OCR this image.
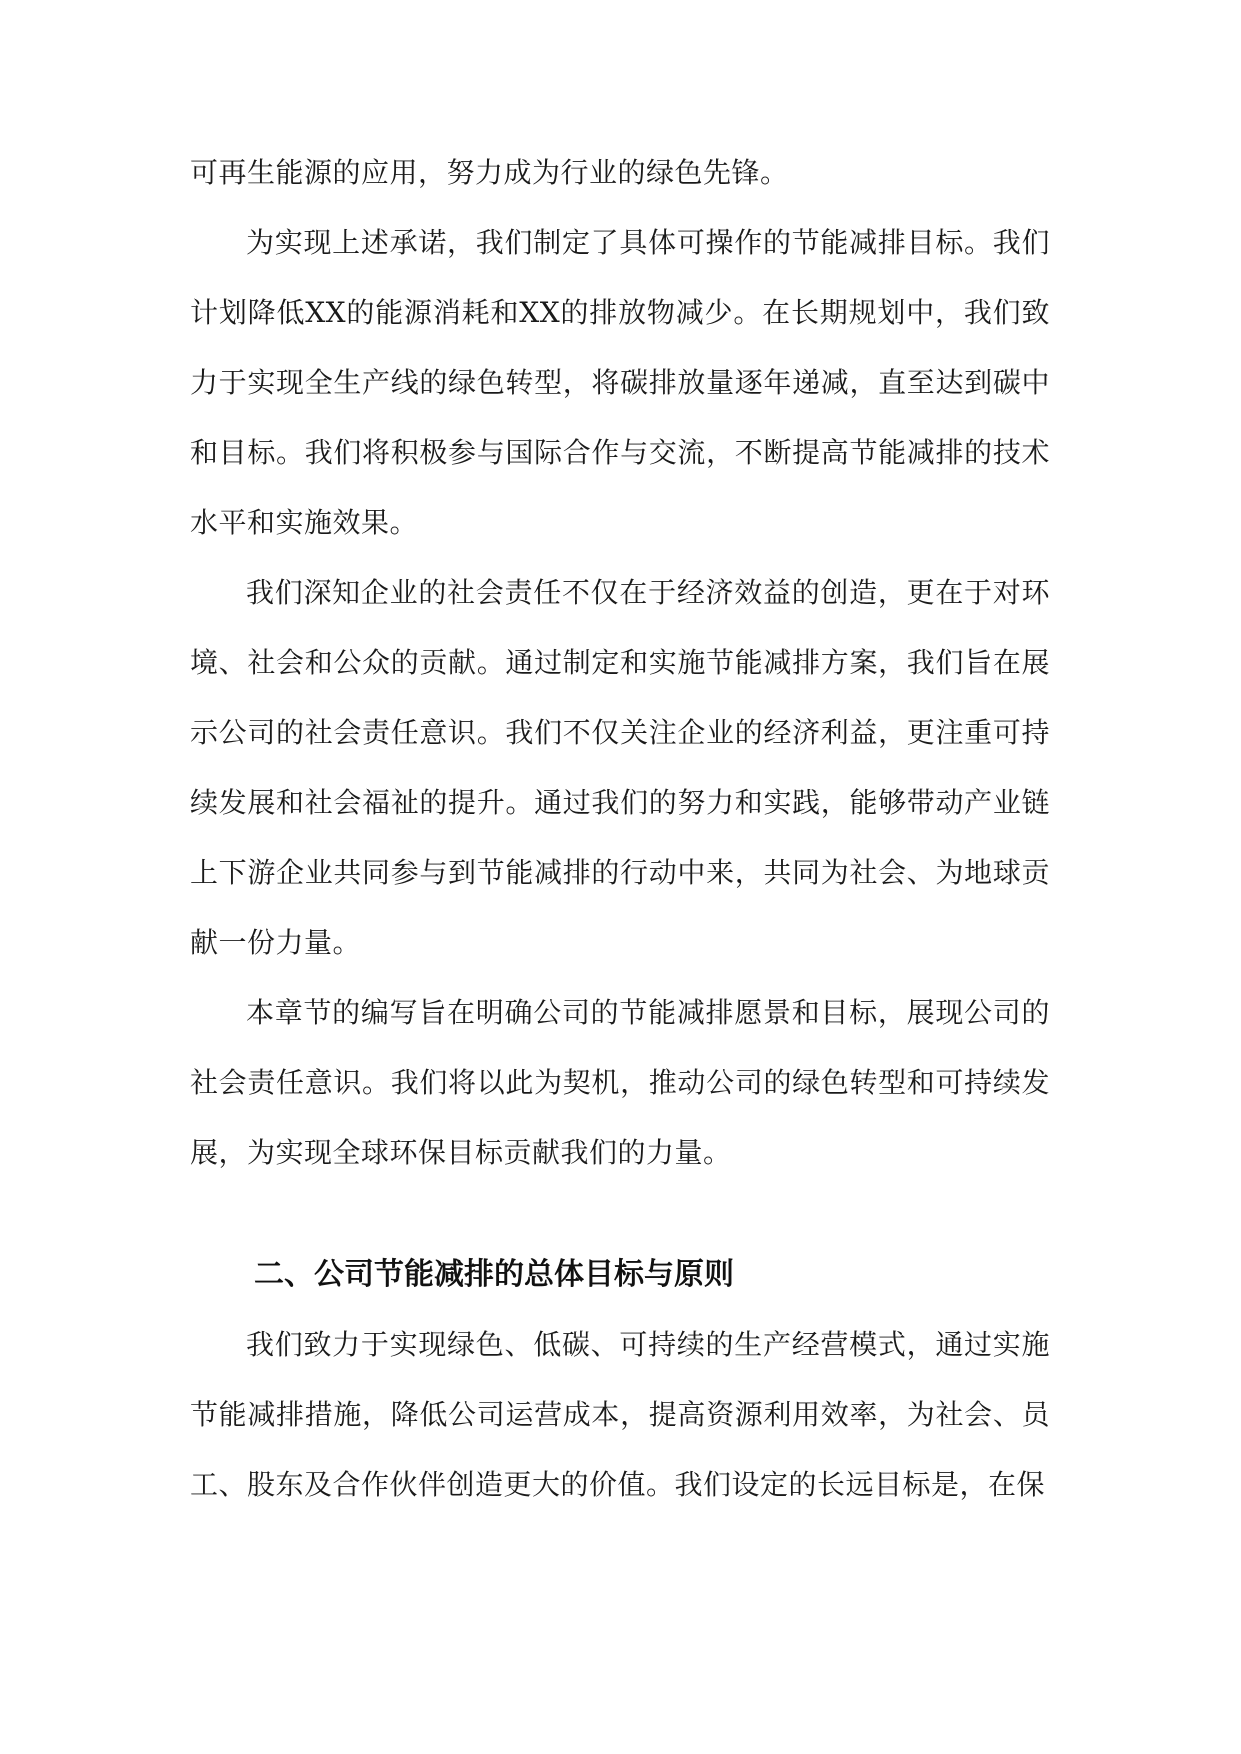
可再生能源的应用，努力成为行业的绿色先锋。

为实现上述承诺，我们制定了具体可操作的节能减排目标。我们计划降低XX的能源消耗和XX的排放物减少。在长期规划中，我们致力于实现全生产线的绿色转型，将碳排放量逐年递减，直至达到碳中和目标。我们将积极参与国际合作与交流，不断提高节能减排的技术水平和实施效果。

我们深知企业的社会责任不仅在于经济效益的创造，更在于对环境、社会和公众的贡献。通过制定和实施节能减排方案，我们旨在展示公司的社会责任意识。我们不仅关注企业的经济利益，更注重可持续发展和社会福祉的提升。通过我们的努力和实践，能够带动产业链上下游企业共同参与到节能减排的行动中来，共同为社会、为地球贡献一份力量。

本章节的编写旨在明确公司的节能减排愿景和目标，展现公司的社会责任意识。我们将以此为契机，推动公司的绿色转型和可持续发展，为实现全球环保目标贡献我们的力量。

二、公司节能减排的总体目标与原则

我们致力于实现绿色、低碳、可持续的生产经营模式，通过实施节能减排措施，降低公司运营成本，提高资源利用效率，为社会、员工、股东及合作伙伴创造更大的价值。我们设定的长远目标是，在保
